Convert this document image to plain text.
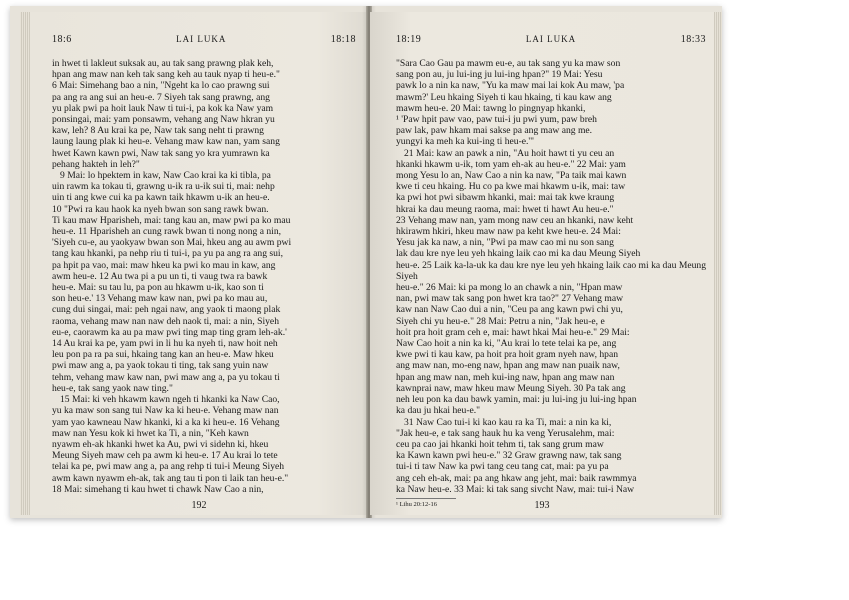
18:6	LAI LUKA	18:18

in hwet ti lakleut suksak au, au tak sang prawng plak keh,

hpan ang maw nan keh tak sang keh au tauk nyap ti heu-e."

6 Mai: Simehang bao a nin, "Ngeht ka lo cao prawng sui

pa ang ra ang sui an heu-e. 7 Siyeh tak sang prawng, ang

yu plak pwi pa hoit lauk Naw ti tui-i, pa kok ka Naw yam

ponsingai, mai: yam ponsawm, vehang ang Naw hkran yu

kaw, leh? 8 Au krai ka pe, Naw tak sang neht ti prawng

laung laung plak ki heu-e. Vehang maw kaw nan, yam sang

hwet Kawn kawn pwi, Naw tak sang yo kra yumrawn ka

pehang hakteh in leh?"

9 Mai: lo hpektem in kaw, Naw Cao krai ka ki tibla, pa

uin rawm ka tokau ti, grawng u-ik ra u-ik sui ti, mai: nehp

uin ti ang kwe cui ka pa kawn taik hkawm u-ik an heu-e.

10 "Pwi ra kau haok ka nyeh bwan son sang rawk bwan.

Ti kau maw Hparisheh, mai: tang kau an, maw pwi pa ko mau

heu-e. 11 Hparisheh an cung rawk bwan ti nong nong a nin,

'Siyeh cu-e, au yaokyaw bwan son Mai, hkeu ang au awm pwi

tang kau hkanki, pa nehp riu ti tui-i, pa yu pa ang ra ang sui,

pa hpit pa vao, mai: maw hkeu ka pwi ko mau in kaw, ang

awm heu-e. 12 Au twa pi a pu un ti, ti vaug twa ra bawk

heu-e. Mai: su tau lu, pa pon au hkawm u-ik, kao son ti

son heu-e.' 13 Vehang maw kaw nan, pwi pa ko mau au,

cung dui singai, mai: peh ngai naw, ang yaok ti maong plak

raoma, vehang maw nan naw deh naok ti, mai: a nin, Siyeh

eu-e, caorawm ka au pa maw pwi ting map ting gram leh-ak.'

14 Au krai ka pe, yam pwi in li hu ka nyeh ti, naw hoit neh

leu pon pa ra pa sui, hkaing tang kan an heu-e. Maw hkeu

pwi maw ang a, pa yaok tokau ti ting, tak sang yuin naw

tehm, vehang maw kaw nan, pwi maw ang a, pa yu tokau ti

heu-e, tak sang yaok naw ting."

15 Mai: ki veh hkawm kawn ngeh ti hkanki ka Naw Cao,

yu ka maw son sang tui Naw ka ki heu-e. Vehang maw nan

yam yao kawneau Naw hkanki, ki a ka ki heu-e. 16 Vehang

maw nan Yesu kok ki hwet ka Ti, a nin, "Keh kawn

nyawm eh-ak hkanki hwet ka Au, pwi vi sidehn ki, hkeu

Meung Siyeh maw ceh pa awm ki heu-e. 17 Au krai lo tete

telai ka pe, pwi maw ang a, pa ang rehp ti tui-i Meung Siyeh

awm kawn nyawm eh-ak, tak ang tau ti pon ti laik tan heu-e."

18 Mai: simehang ti kau hwet ti chawk Naw Cao a nin,

192
18:19	LAI LUKA	18:33

"Sara Cao Gau pa mawm eu-e, au tak sang yu ka maw son

sang pon au, ju lui-ing ju lui-ing hpan?" 19 Mai: Yesu

pawk lo a nin ka naw, "Yu ka maw mai lai kok Au maw, 'pa

mawm?' Leu hkaing Siyeh ti kau hkaing, ti kau kaw ang

mawm heu-e. 20 Mai: tawng lo pingnyap hkanki,

¹ 'Paw hpit paw vao, paw tui-i ju pwi yum, paw breh

paw lak, paw hkam mai sakse pa ang maw ang me.

yungyi ka meh ka kui-ing ti heu-e.'"

21 Mai: kaw an pawk a nin, "Au hoit hawt ti yu ceu an

hkanki hkawm u-ik, tom yam eh-ak au heu-e." 22 Mai: yam

mong Yesu lo an, Naw Cao a nin ka naw, "Pa taik mai kawn

kwe ti ceu hkaing. Hu co pa kwe mai hkawm u-ik, mai: taw

ka pwi hot pwi sibawm hkanki, mai: mai tak kwe kraung

hkrai ka dau meung raoma, mai: hwet ti hawt Au heu-e."

23 Vehang maw nan, yam mong naw ceu an hkanki, naw keht

hkirawm hkiri, hkeu maw naw pa keht kwe heu-e. 24 Mai:

Yesu jak ka naw, a nin, "Pwi pa maw cao mi nu son sang

lak dau kre nye leu yeh hkaing laik cao mi ka dau Meung Siyeh

heu-e. 25 Laik ka-la-uk ka dau kre nye leu yeh hkaing laik cao mi ka dau Meung Siyeh

heu-e." 26 Mai: ki pa mong lo an chawk a nin, "Hpan maw

nan, pwi maw tak sang pon hwet kra tao?" 27 Vehang maw

kaw nan Naw Cao dui a nin, "Ceu pa ang kawn pwi chi yu,

Siyeh chi yu heu-e." 28 Mai: Petru a nin, "Jak heu-e, e

hoit pra hoit gram ceh e, mai: hawt hkai Mai heu-e." 29 Mai:

Naw Cao hoit a nin ka ki, "Au krai lo tete telai ka pe, ang

kwe pwi ti kau kaw, pa hoit pra hoit gram nyeh naw, hpan

ang maw nan, mo-eng naw, hpan ang maw nan puaik naw,

hpan ang maw nan, meh kui-ing naw, hpan ang maw nan

kawnprai naw, maw hkeu maw Meung Siyeh. 30 Pa tak ang

neh leu pon ka dau bawk yamin, mai: ju lui-ing ju lui-ing hpan

ka dau ju hkai heu-e."

31 Naw Cao tui-i ki kao kau ra ka Ti, mai: a nin ka ki,

"Jak heu-e, e tak sang hauk hu ka veng Yerusalehm, mai:

ceu pa cao jai hkanki hoit tehm ti, tak sang grum maw

ka Kawn kawn pwi heu-e." 32 Graw grawng naw, tak sang

tui-i ti taw Naw ka pwi tang ceu tang cat, mai: pa yu pa

ang ceh eh-ak, mai: pa ang hkaw ang jeht, mai: baik rawmmya

ka Naw heu-e. 33 Mai: ki tak sang sivcht Naw, mai: tui-i Naw

¹ Lihu 20:12-16	193
